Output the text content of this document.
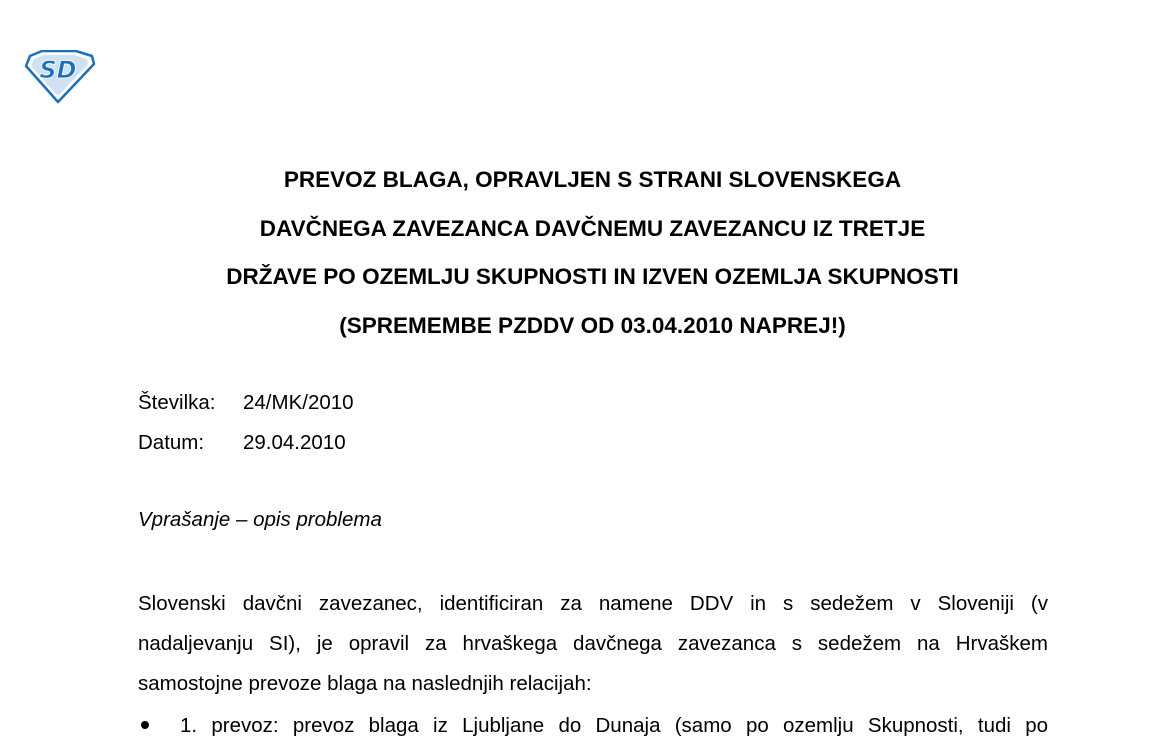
SD
PREVOZ BLAGA, OPRAVLJEN S STRANI SLOVENSKEGA
DAVČNEGA ZAVEZANCA DAVČNEMU ZAVEZANCU IZ TRETJE
DRŽAVE PO OZEMLJU SKUPNOSTI IN IZVEN OZEMLJA SKUPNOSTI
(SPREMEMBE PZDDV OD 03.04.2010 NAPREJ!)
Številka:	24/MK/2010
Datum:	29.04.2010
Vprašanje – opis problema
Slovenski davčni zavezanec, identificiran za namene DDV in s sedežem v Sloveniji (v
nadaljevanju SI), je opravil za hrvaškega davčnega zavezanca s sedežem na Hrvaškem
samostojne prevoze blaga na naslednjih relacijah:
1. prevoz: prevoz blaga iz Ljubljane do Dunaja (samo po ozemlju Skupnosti, tudi po
